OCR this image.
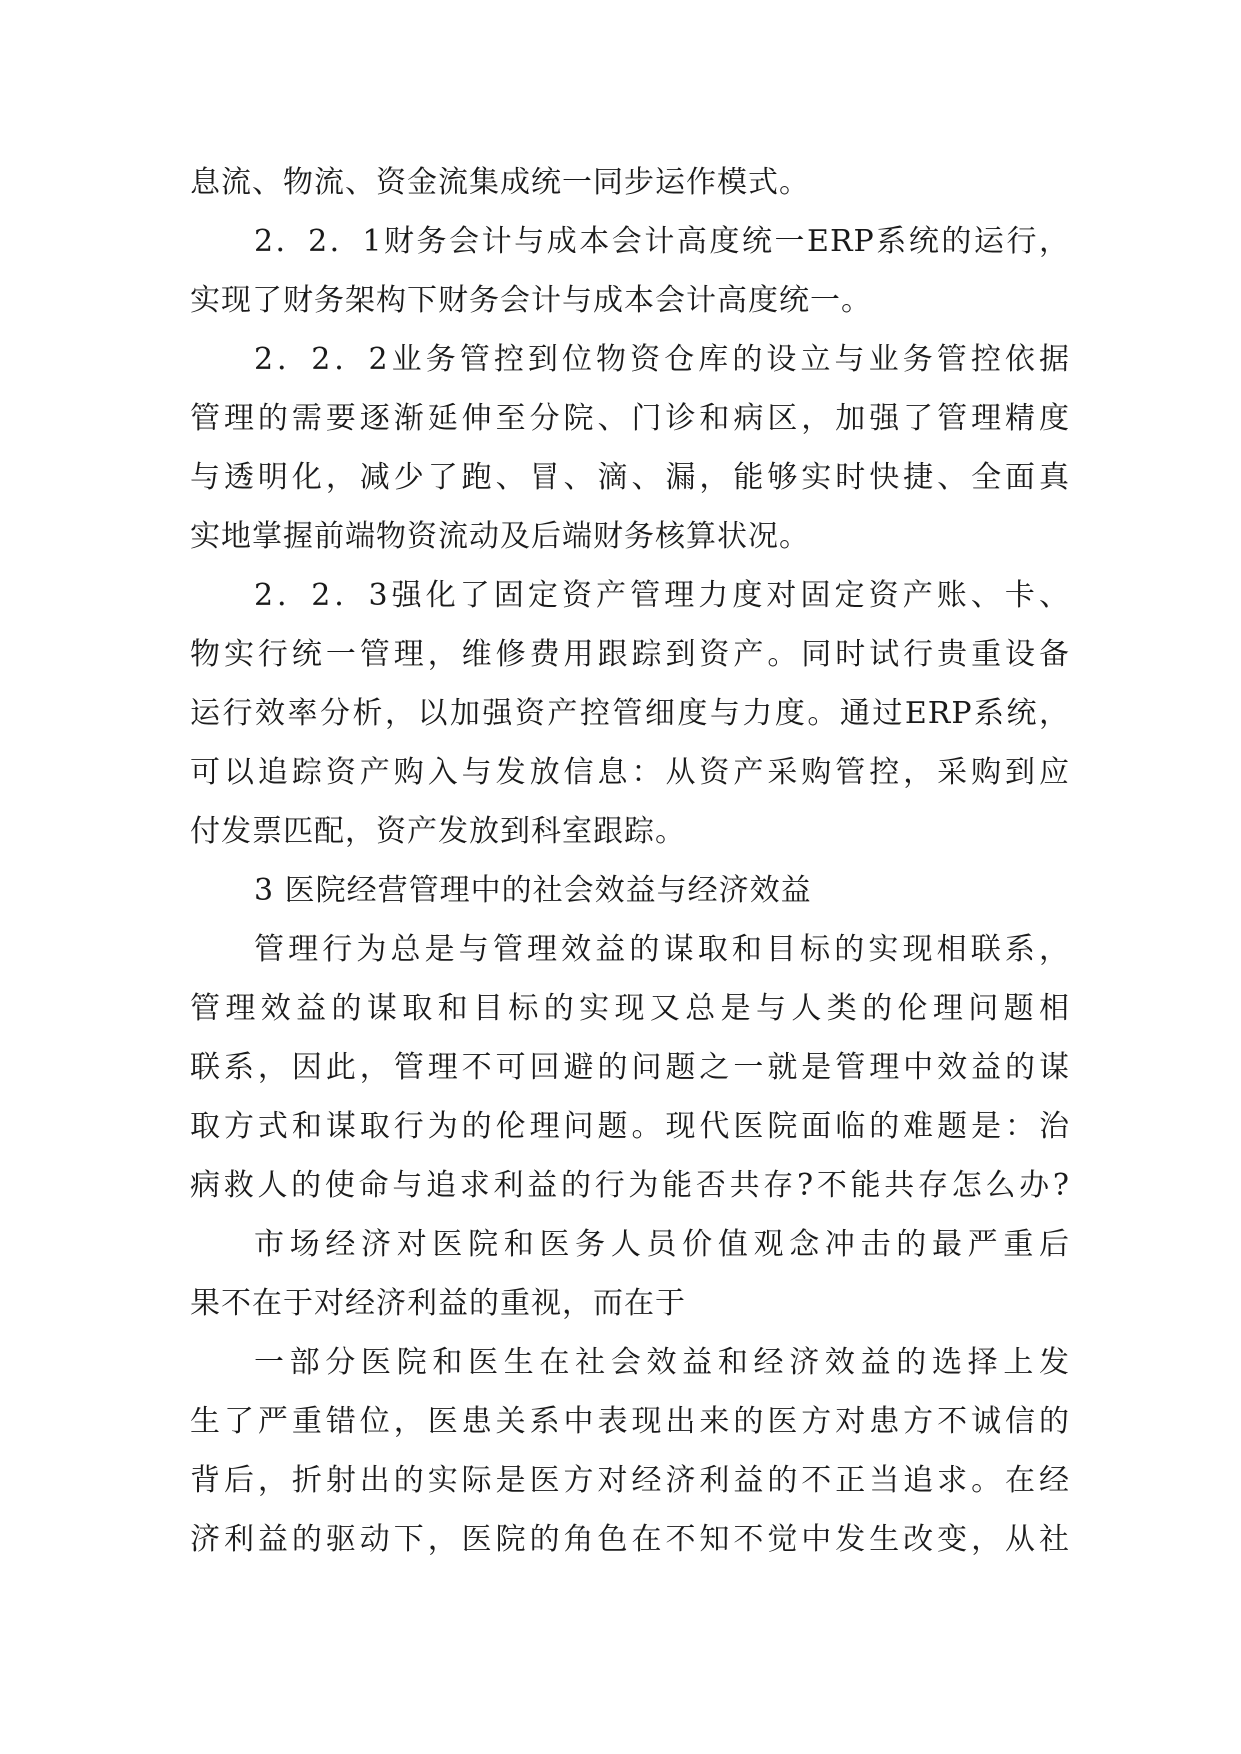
息流、物流、资金流集成统一同步运作模式。
2．2．1财务会计与成本会计高度统一ERP系统的运行，
实现了财务架构下财务会计与成本会计高度统一。
2．2．2业务管控到位物资仓库的设立与业务管控依据
管理的需要逐渐延伸至分院、门诊和病区，加强了管理精度
与透明化，减少了跑、冒、滴、漏，能够实时快捷、全面真
实地掌握前端物资流动及后端财务核算状况。
2．2．3强化了固定资产管理力度对固定资产账、卡、
物实行统一管理，维修费用跟踪到资产。同时试行贵重设备
运行效率分析，以加强资产控管细度与力度。通过ERP系统，
可以追踪资产购入与发放信息：从资产采购管控，采购到应
付发票匹配，资产发放到科室跟踪。
3 医院经营管理中的社会效益与经济效益
管理行为总是与管理效益的谋取和目标的实现相联系，
管理效益的谋取和目标的实现又总是与人类的伦理问题相
联系，因此，管理不可回避的问题之一就是管理中效益的谋
取方式和谋取行为的伦理问题。现代医院面临的难题是：治
病救人的使命与追求利益的行为能否共存?不能共存怎么办?
市场经济对医院和医务人员价值观念冲击的最严重后
果不在于对经济利益的重视，而在于
一部分医院和医生在社会效益和经济效益的选择上发
生了严重错位，医患关系中表现出来的医方对患方不诚信的
背后，折射出的实际是医方对经济利益的不正当追求。在经
济利益的驱动下，医院的角色在不知不觉中发生改变，从社
